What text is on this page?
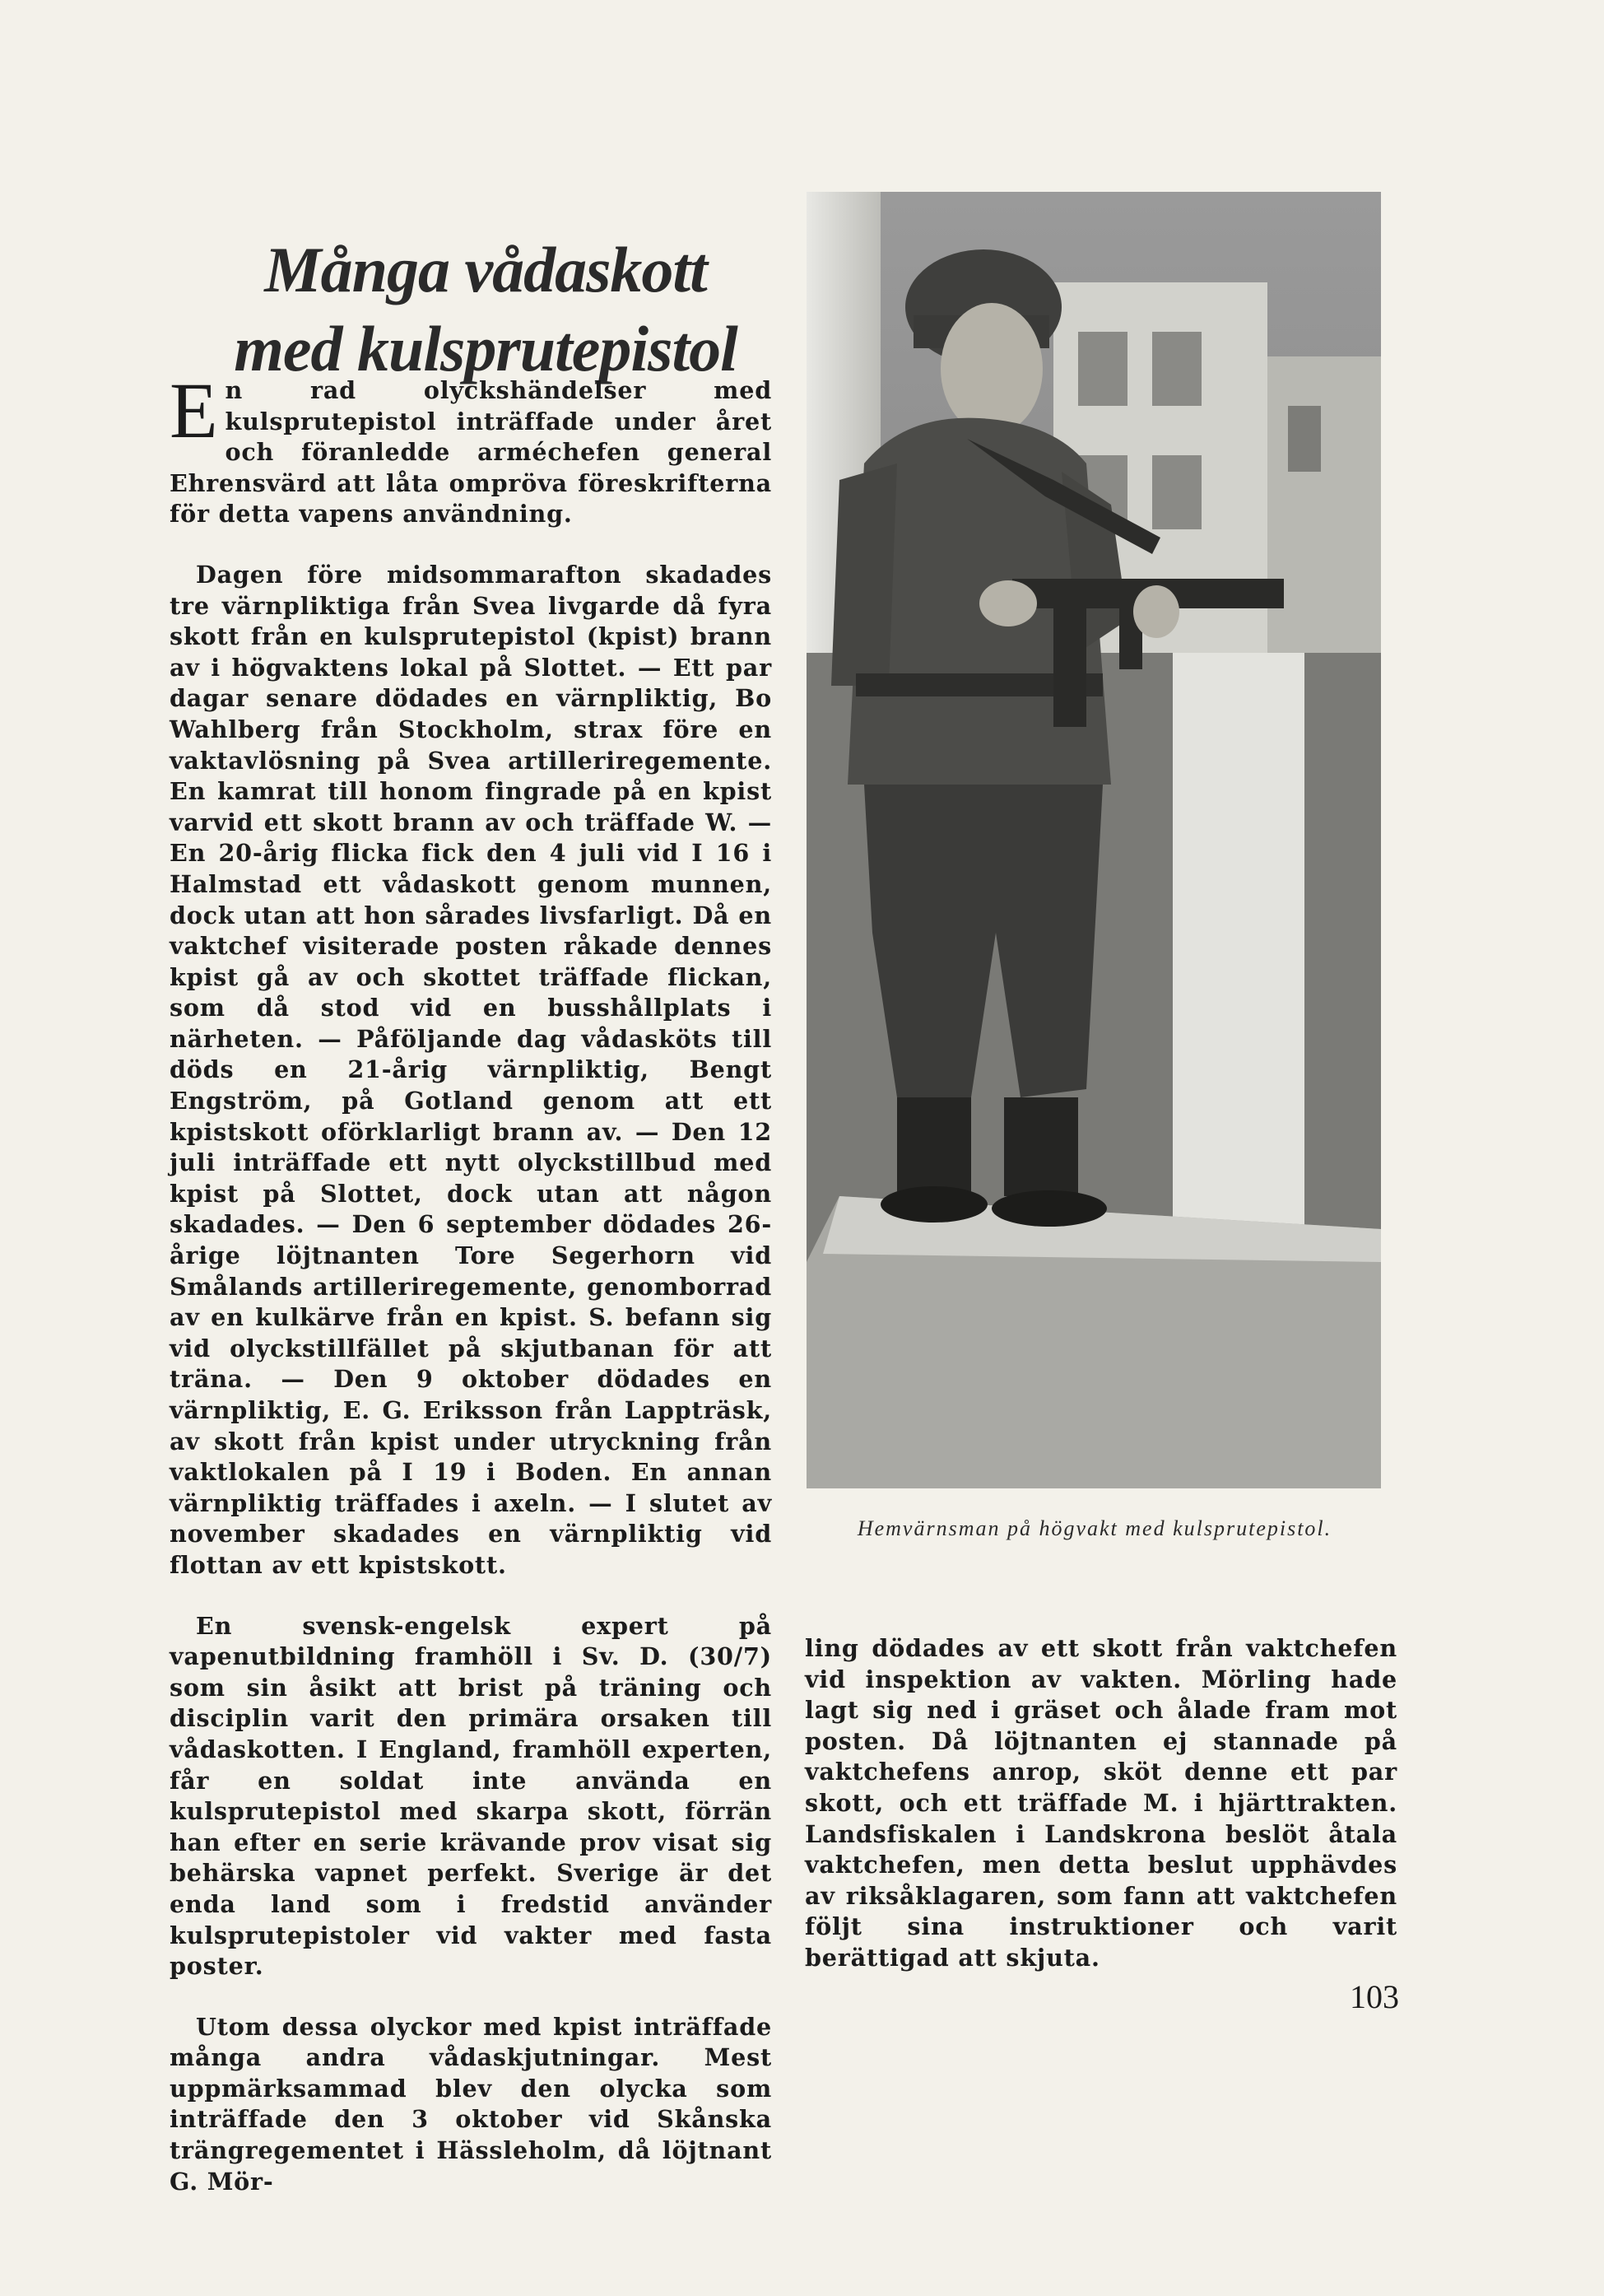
Många vådaskott
med kulsprutepistol

En rad olyckshändelser med kulsprutepistol inträffade under året och föranledde arméchefen general Ehrensvärd att låta ompröva föreskrifterna för detta vapens användning.

Dagen före midsommarafton skadades tre värnpliktiga från Svea livgarde då fyra skott från en kulsprutepistol (kpist) brann av i högvaktens lokal på Slottet. — Ett par dagar senare dödades en värnpliktig, Bo Wahlberg från Stockholm, strax före en vaktavlösning på Svea artilleriregemente. En kamrat till honom fingrade på en kpist varvid ett skott brann av och träffade W. — En 20-årig flicka fick den 4 juli vid I 16 i Halmstad ett vådaskott genom munnen, dock utan att hon sårades livsfarligt. Då en vaktchef visiterade posten råkade dennes kpist gå av och skottet träffade flickan, som då stod vid en busshållplats i närheten. — Påföljande dag vådasköts till döds en 21-årig värnpliktig, Bengt Engström, på Gotland genom att ett kpistskott oförklarligt brann av. — Den 12 juli inträffade ett nytt olyckstillbud med kpist på Slottet, dock utan att någon skadades. — Den 6 september dödades 26-årige löjtnanten Tore Segerhorn vid Smålands artilleriregemente, genomborrad av en kulkärve från en kpist. S. befann sig vid olyckstillfället på skjutbanan för att träna. — Den 9 oktober dödades en värnpliktig, E. G. Eriksson från Lappträsk, av skott från kpist under utryckning från vaktlokalen på I 19 i Boden. En annan värnpliktig träffades i axeln. — I slutet av november skadades en värnpliktig vid flottan av ett kpistskott.

En svensk-engelsk expert på vapenutbildning framhöll i Sv. D. (30/7) som sin åsikt att brist på träning och disciplin varit den primära orsaken till vådaskotten. I England, framhöll experten, får en soldat inte använda en kulsprutepistol med skarpa skott, förrän han efter en serie krävande prov visat sig behärska vapnet perfekt. Sverige är det enda land som i fredstid använder kulsprutepistoler vid vakter med fasta poster.

Utom dessa olyckor med kpist inträffade många andra vådaskjutningar. Mest uppmärksammad blev den olycka som inträffade den 3 oktober vid Skånska trängregementet i Hässleholm, då löjtnant G. Mör-

Hemvärnsman på högvakt med kulsprutepistol.

ling dödades av ett skott från vaktchefen vid inspektion av vakten. Mörling hade lagt sig ned i gräset och ålade fram mot posten. Då löjtnanten ej stannade på vaktchefens anrop, sköt denne ett par skott, och ett träffade M. i hjärttrakten. Landsfiskalen i Landskrona beslöt åtala vaktchefen, men detta beslut upphävdes av riksåklagaren, som fann att vaktchefen följt sina instruktioner och varit berättigad att skjuta.

103
